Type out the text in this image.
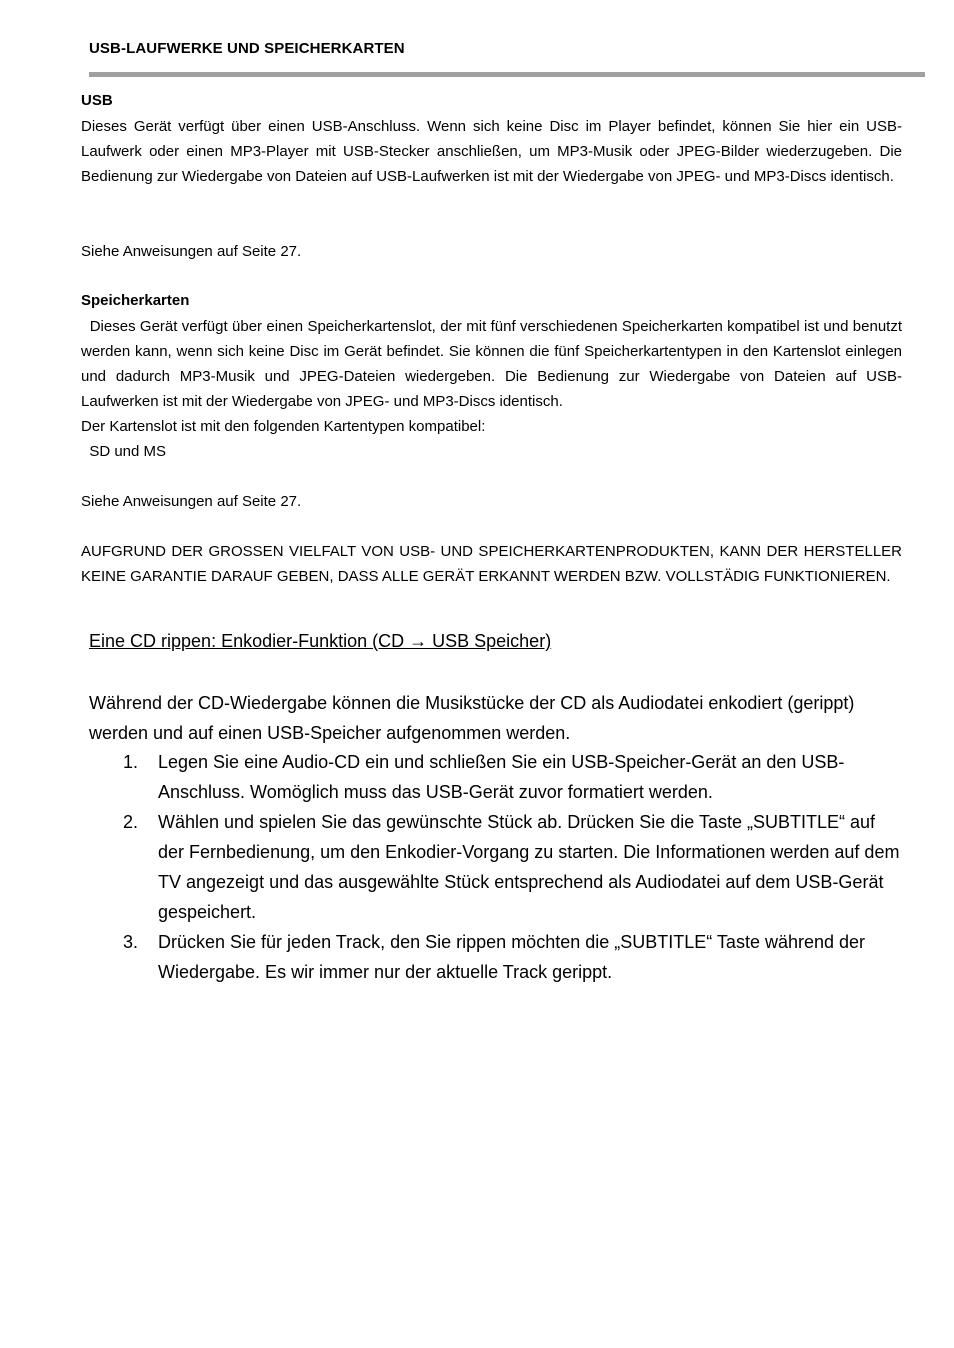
USB-LAUFWERKE UND SPEICHERKARTEN
USB
Dieses Gerät verfügt über einen USB-Anschluss. Wenn sich keine Disc im Player befindet, können Sie hier ein USB-Laufwerk oder einen MP3-Player mit USB-Stecker anschließen, um MP3-Musik oder JPEG-Bilder wiederzugeben. Die Bedienung zur Wiedergabe von Dateien auf USB-Laufwerken ist mit der Wiedergabe von JPEG- und MP3-Discs identisch.
Siehe Anweisungen auf Seite 27.
Speicherkarten
Dieses Gerät verfügt über einen Speicherkartenslot, der mit fünf verschiedenen Speicherkarten kompatibel ist und benutzt werden kann, wenn sich keine Disc im Gerät befindet. Sie können die fünf Speicherkartentypen in den Kartenslot einlegen und dadurch MP3-Musik und JPEG-Dateien wiedergeben. Die Bedienung zur Wiedergabe von Dateien auf USB-Laufwerken ist mit der Wiedergabe von JPEG- und MP3-Discs identisch.
Der Kartenslot ist mit den folgenden Kartentypen kompatibel:
SD und MS
Siehe Anweisungen auf Seite 27.
AUFGRUND DER GROSSEN VIELFALT VON USB- UND SPEICHERKARTENPRODUKTEN, KANN DER HERSTELLER KEINE GARANTIE DARAUF GEBEN, DASS ALLE GERÄT ERKANNT WERDEN BZW. VOLLSTÄDIG FUNKTIONIEREN.
Eine CD rippen: Enkodier-Funktion (CD → USB Speicher)
Während der CD-Wiedergabe können die Musikstücke der CD als Audiodatei enkodiert (gerippt) werden und auf einen USB-Speicher aufgenommen werden.
1. Legen Sie eine Audio-CD ein und schließen Sie ein USB-Speicher-Gerät an den USB-Anschluss. Womöglich muss das USB-Gerät zuvor formatiert werden.
2. Wählen und spielen Sie das gewünschte Stück ab. Drücken Sie die Taste „SUBTITLE“ auf der Fernbedienung, um den Enkodier-Vorgang zu starten. Die Informationen werden auf dem TV angezeigt und das ausgewählte Stück entsprechend als Audiodatei auf dem USB-Gerät gespeichert.
3. Drücken Sie für jeden Track, den Sie rippen möchten die „SUBTITLE“ Taste während der Wiedergabe. Es wir immer nur der aktuelle Track gerippt.
